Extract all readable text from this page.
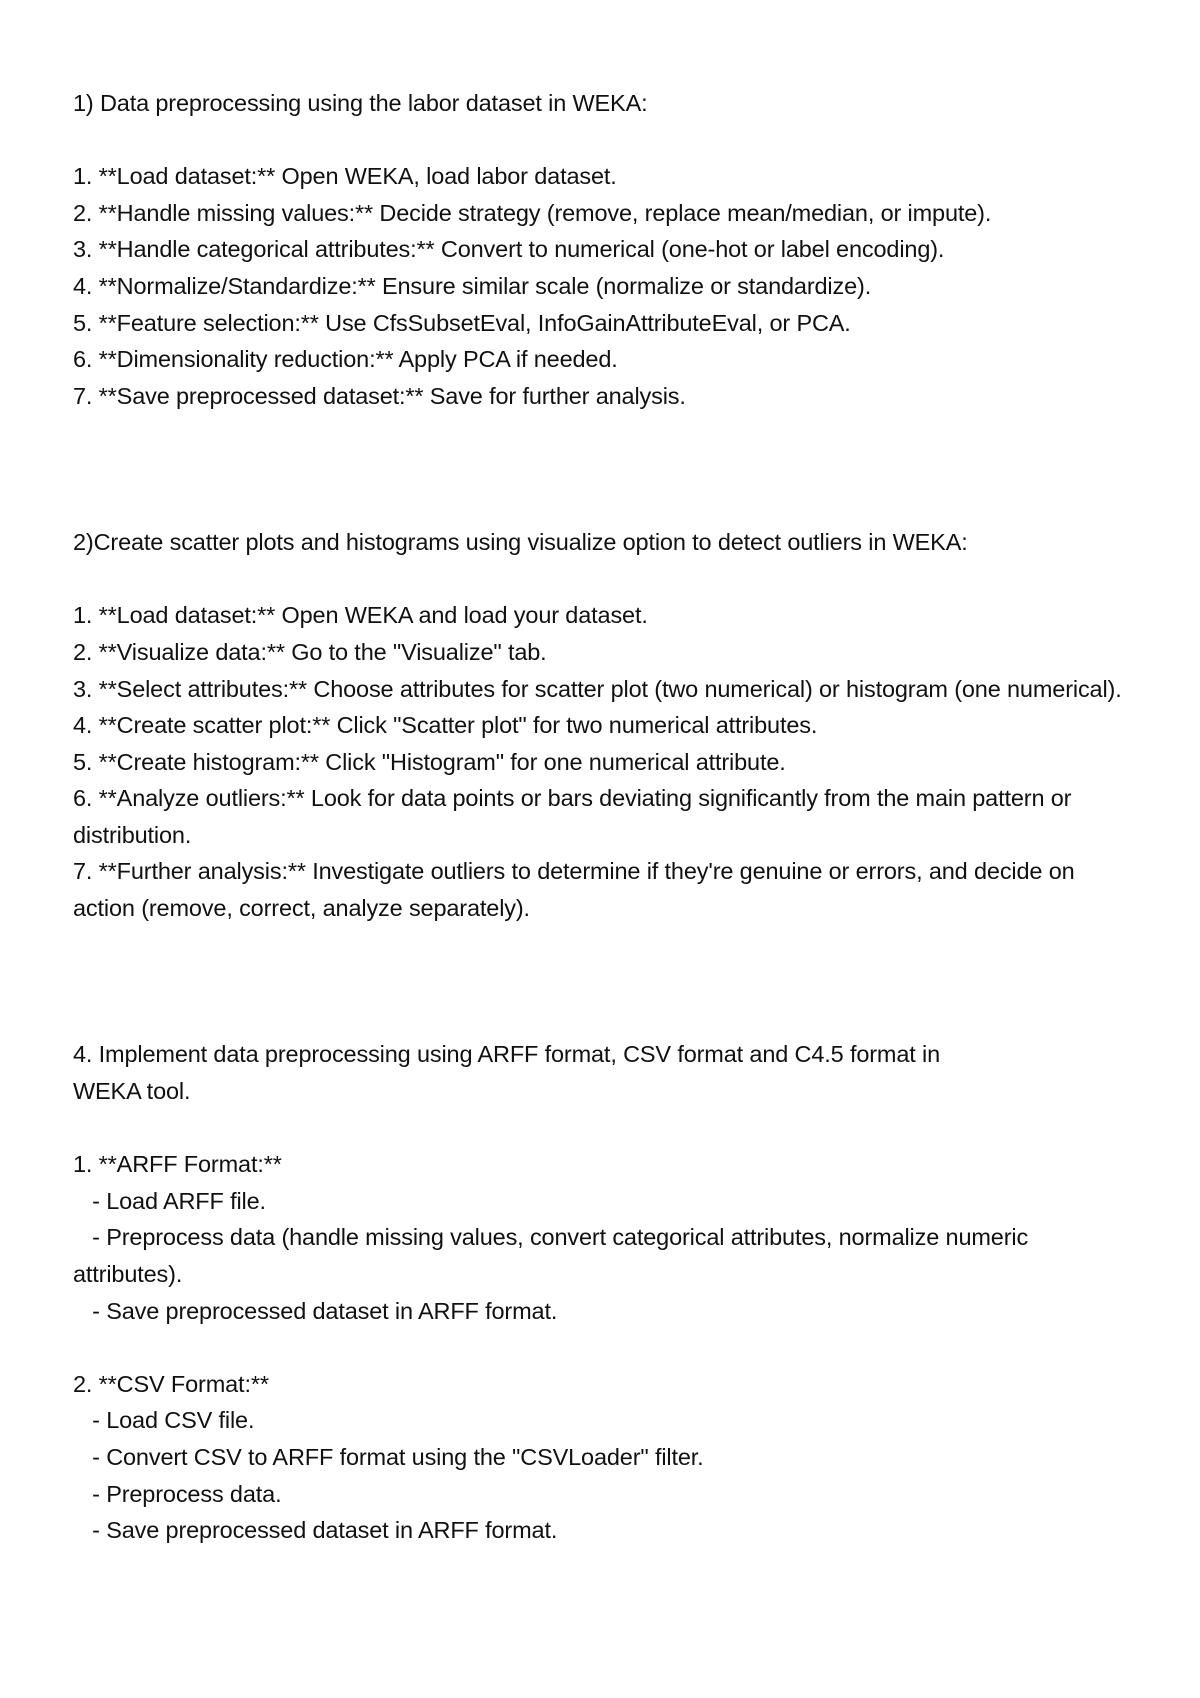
1) Data preprocessing using the labor dataset in WEKA:
1. **Load dataset:** Open WEKA, load labor dataset.
2. **Handle missing values:** Decide strategy (remove, replace mean/median, or impute).
3. **Handle categorical attributes:** Convert to numerical (one-hot or label encoding).
4. **Normalize/Standardize:** Ensure similar scale (normalize or standardize).
5. **Feature selection:** Use CfsSubsetEval, InfoGainAttributeEval, or PCA.
6. **Dimensionality reduction:** Apply PCA if needed.
7. **Save preprocessed dataset:** Save for further analysis.
2)Create scatter plots and histograms using visualize option to detect outliers in WEKA:
1. **Load dataset:** Open WEKA and load your dataset.
2. **Visualize data:** Go to the "Visualize" tab.
3. **Select attributes:** Choose attributes for scatter plot (two numerical) or histogram (one numerical).
4. **Create scatter plot:** Click "Scatter plot" for two numerical attributes.
5. **Create histogram:** Click "Histogram" for one numerical attribute.
6. **Analyze outliers:** Look for data points or bars deviating significantly from the main pattern or distribution.
7. **Further analysis:** Investigate outliers to determine if they're genuine or errors, and decide on action (remove, correct, analyze separately).
4. Implement data preprocessing using ARFF format, CSV format and C4.5 format in
WEKA tool.
1. **ARFF Format:**
- Load ARFF file.
- Preprocess data (handle missing values, convert categorical attributes, normalize numeric attributes).
- Save preprocessed dataset in ARFF format.
2. **CSV Format:**
- Load CSV file.
- Convert CSV to ARFF format using the "CSVLoader" filter.
- Preprocess data.
- Save preprocessed dataset in ARFF format.
